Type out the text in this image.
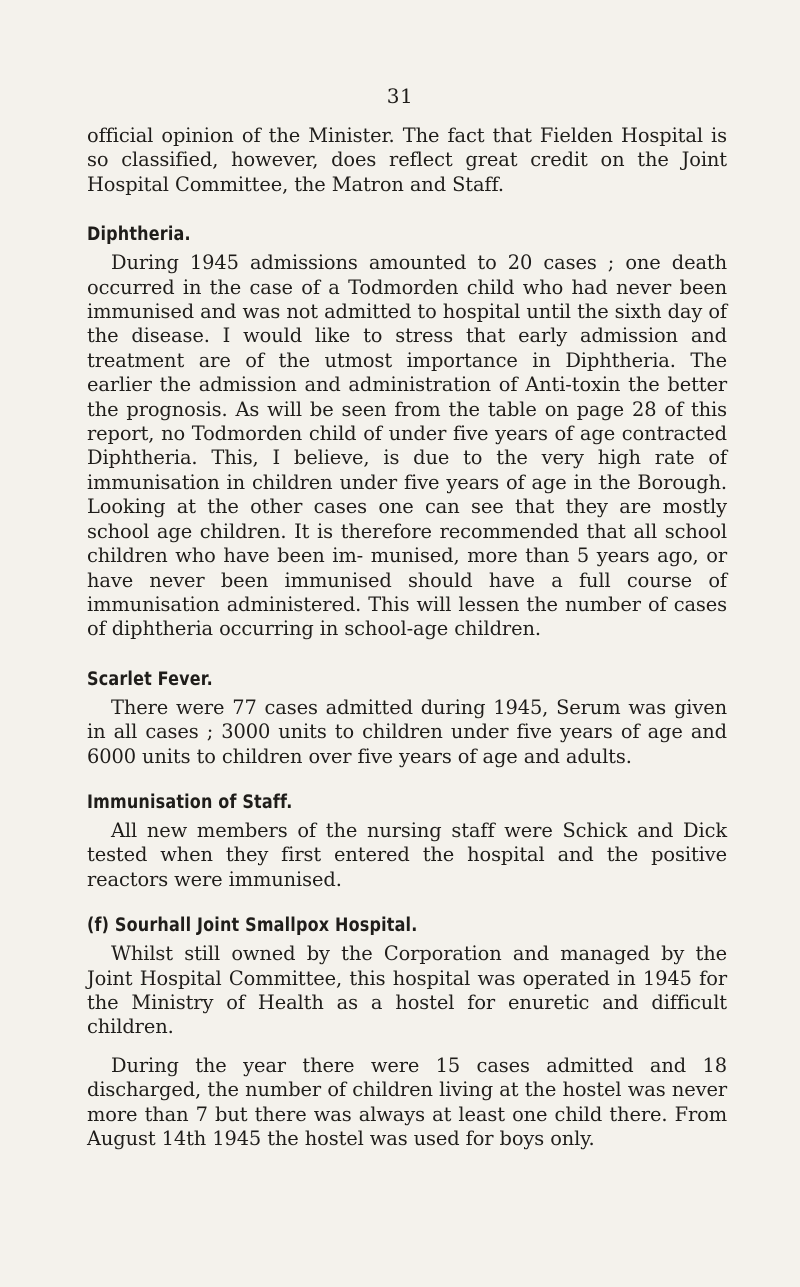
31

official opinion of the Minister. The fact that Fielden Hospital is so classified, however, does reflect great credit on the Joint Hospital Committee, the Matron and Staff.

Diphtheria.

During 1945 admissions amounted to 20 cases ; one death occurred in the case of a Todmorden child who had never been immunised and was not admitted to hospital until the sixth day of the disease. I would like to stress that early admission and treatment are of the utmost importance in Diphtheria. The earlier the admission and administration of Anti-toxin the better the prognosis. As will be seen from the table on page 28 of this report, no Todmorden child of under five years of age contracted Diphtheria. This, I believe, is due to the very high rate of immunisation in children under five years of age in the Borough. Looking at the other cases one can see that they are mostly school age children. It is therefore recommended that all school children who have been im- munised, more than 5 years ago, or have never been immunised should have a full course of immunisation administered. This will lessen the number of cases of diphtheria occurring in school-age children.

Scarlet Fever.

There were 77 cases admitted during 1945, Serum was given in all cases ; 3000 units to children under five years of age and 6000 units to children over five years of age and adults.

Immunisation of Staff.

All new members of the nursing staff were Schick and Dick tested when they first entered the hospital and the positive reactors were immunised.

(f) Sourhall Joint Smallpox Hospital.

Whilst still owned by the Corporation and managed by the Joint Hospital Committee, this hospital was operated in 1945 for the Ministry of Health as a hostel for enuretic and difficult children.

During the year there were 15 cases admitted and 18 discharged, the number of children living at the hostel was never more than 7 but there was always at least one child there. From August 14th 1945 the hostel was used for boys only.
